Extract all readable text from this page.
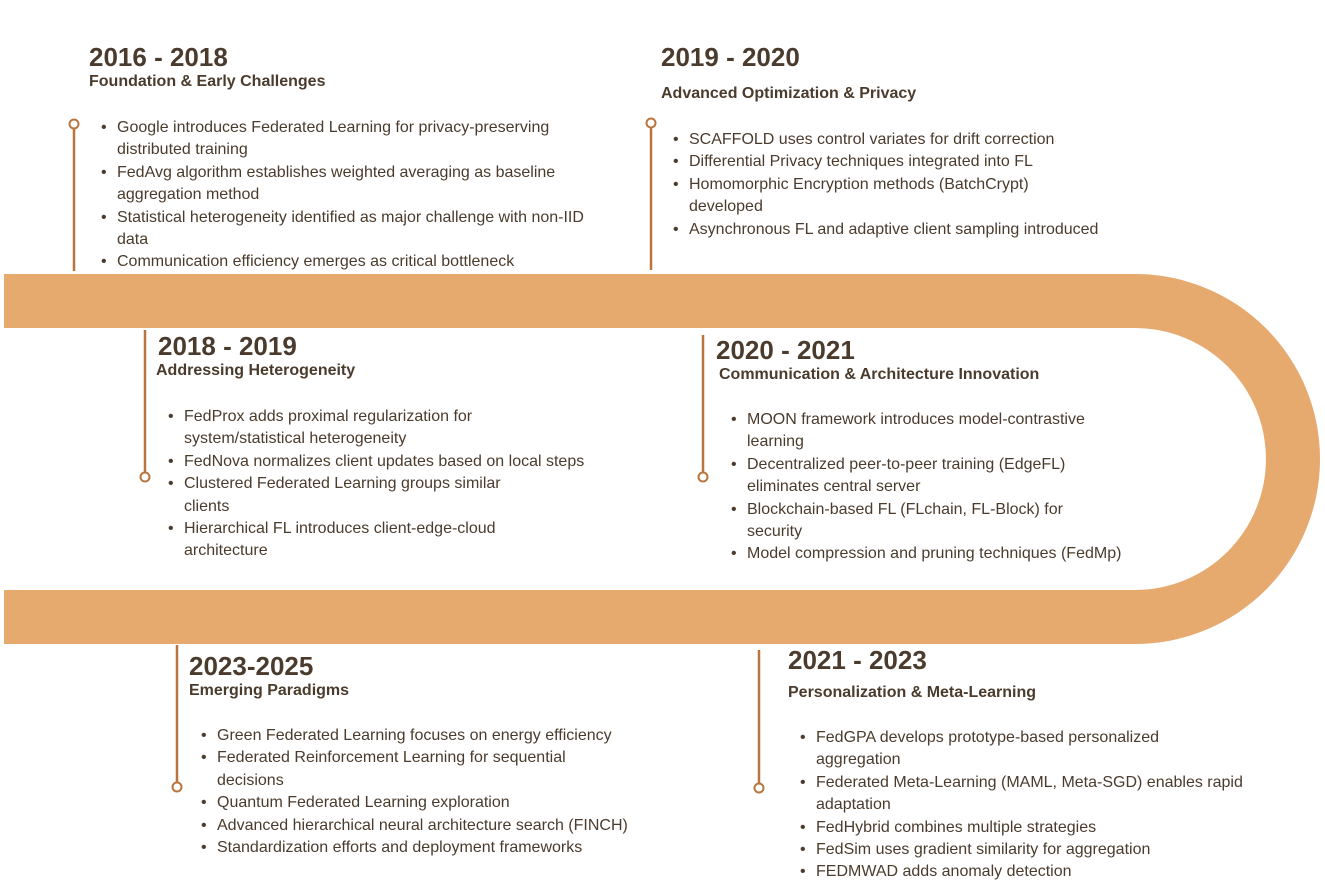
2016 - 2018
Foundation & Early Challenges
• Google introduces Federated Learning for privacy-preserving distributed training
• FedAvg algorithm establishes weighted averaging as baseline aggregation method
• Statistical heterogeneity identified as major challenge with non-IID data
• Communication efficiency emerges as critical bottleneck
2019 - 2020
Advanced Optimization & Privacy
• SCAFFOLD uses control variates for drift correction
• Differential Privacy techniques integrated into FL
• Homomorphic Encryption methods (BatchCrypt) developed
• Asynchronous FL and adaptive client sampling introduced
2018 - 2019
Addressing Heterogeneity
• FedProx adds proximal regularization for system/statistical heterogeneity
• FedNova normalizes client updates based on local steps
• Clustered Federated Learning groups similar clients
• Hierarchical FL introduces client-edge-cloud architecture
2020 - 2021
Communication & Architecture Innovation
• MOON framework introduces model-contrastive learning
• Decentralized peer-to-peer training (EdgeFL) eliminates central server
• Blockchain-based FL (FLchain, FL-Block) for security
• Model compression and pruning techniques (FedMp)
2023-2025
Emerging Paradigms
• Green Federated Learning focuses on energy efficiency
• Federated Reinforcement Learning for sequential decisions
• Quantum Federated Learning exploration
• Advanced hierarchical neural architecture search (FINCH)
• Standardization efforts and deployment frameworks
2021 - 2023
Personalization & Meta-Learning
• FedGPA develops prototype-based personalized aggregation
• Federated Meta-Learning (MAML, Meta-SGD) enables rapid adaptation
• FedHybrid combines multiple strategies
• FedSim uses gradient similarity for aggregation
• FEDMWAD adds anomaly detection
